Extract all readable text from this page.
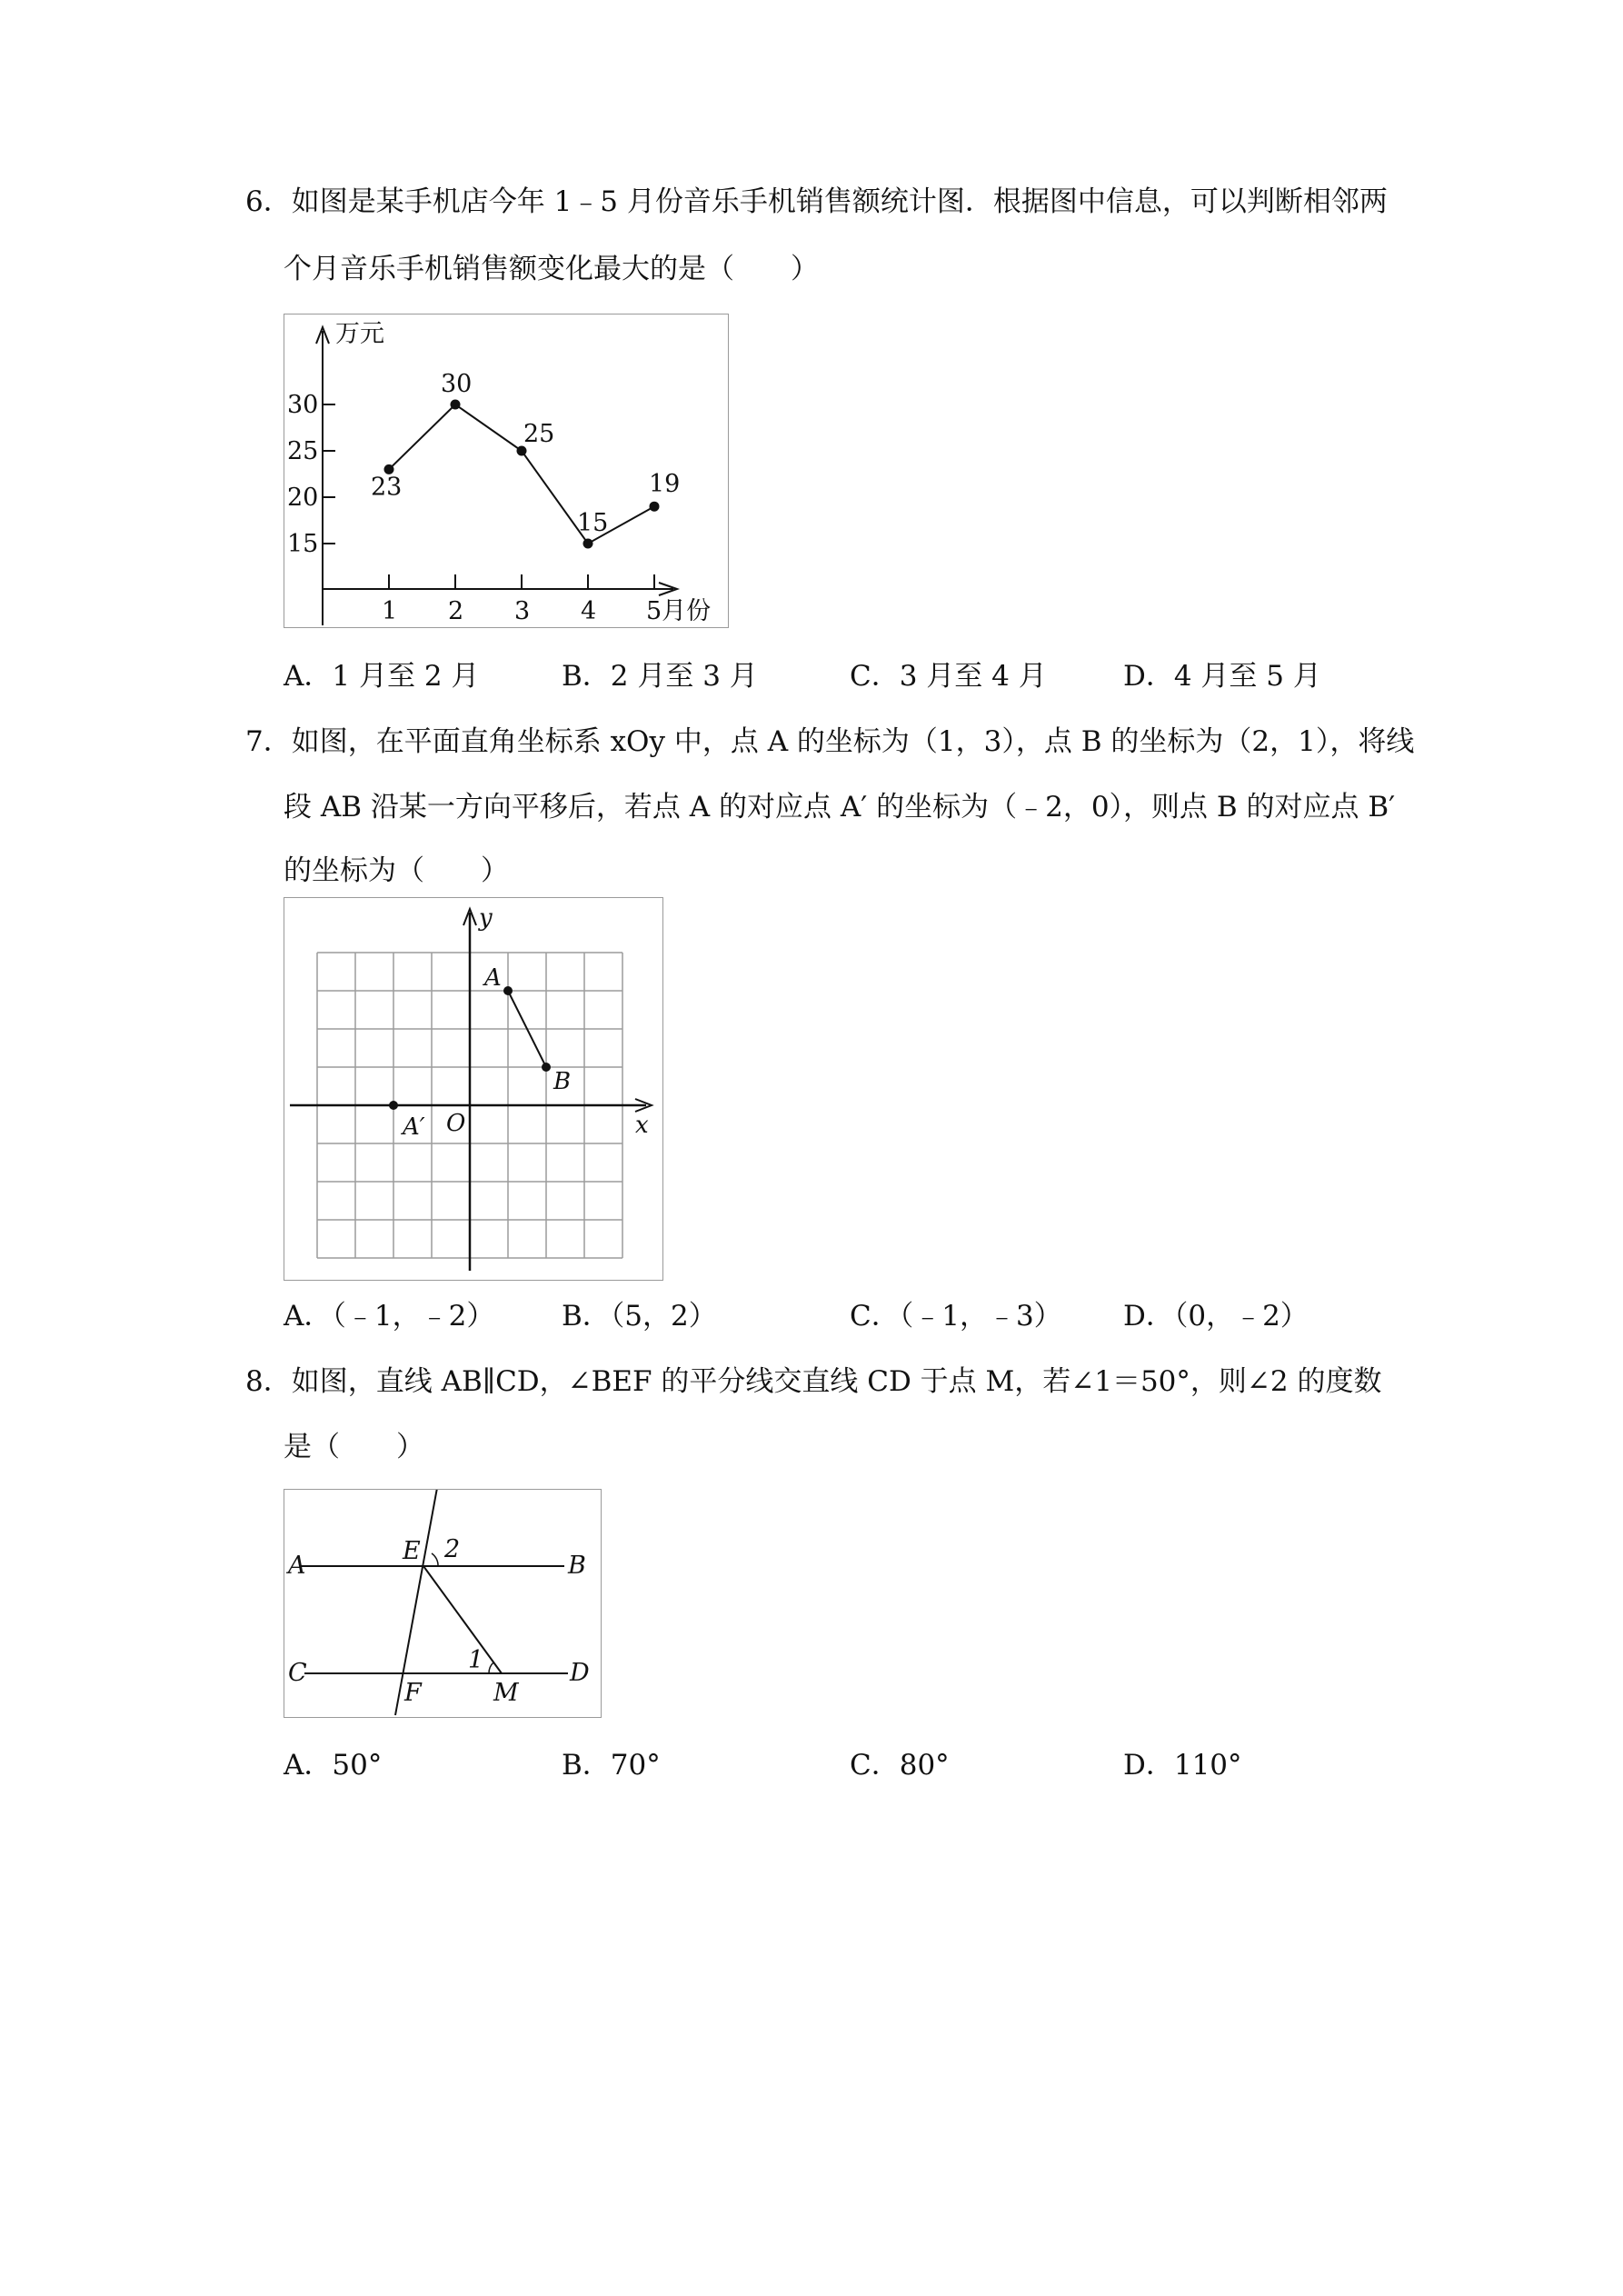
6．如图是某手机店今年 1﹣5 月份音乐手机销售额统计图．根据图中信息，可以判断相邻两
个月音乐手机销售额变化最大的是（　　）
万元
5月份
15
20
25
30
1 2 3 4
23
30
25
15
19
A．1 月至 2 月	B．2 月至 3 月	C．3 月至 4 月	D．4 月至 5 月
7．如图，在平面直角坐标系 xOy 中，点 A 的坐标为（1，3），点 B 的坐标为（2，1），将线
段 AB 沿某一方向平移后，若点 A 的对应点 A′ 的坐标为（﹣2，0），则点 B 的对应点 B′
的坐标为（　　）
y
x
O
A
B
A′
A．（﹣1，﹣2） B．（5，2）	C．（﹣1，﹣3） D．（0，﹣2）
8．如图，直线 AB∥CD，∠BEF 的平分线交直线 CD 于点 M，若∠1＝50°，则∠2 的度数
是（　　）
A	B
C	D
E
F	M
1
2
A．50°	B．70°	C．80°	D．110°
